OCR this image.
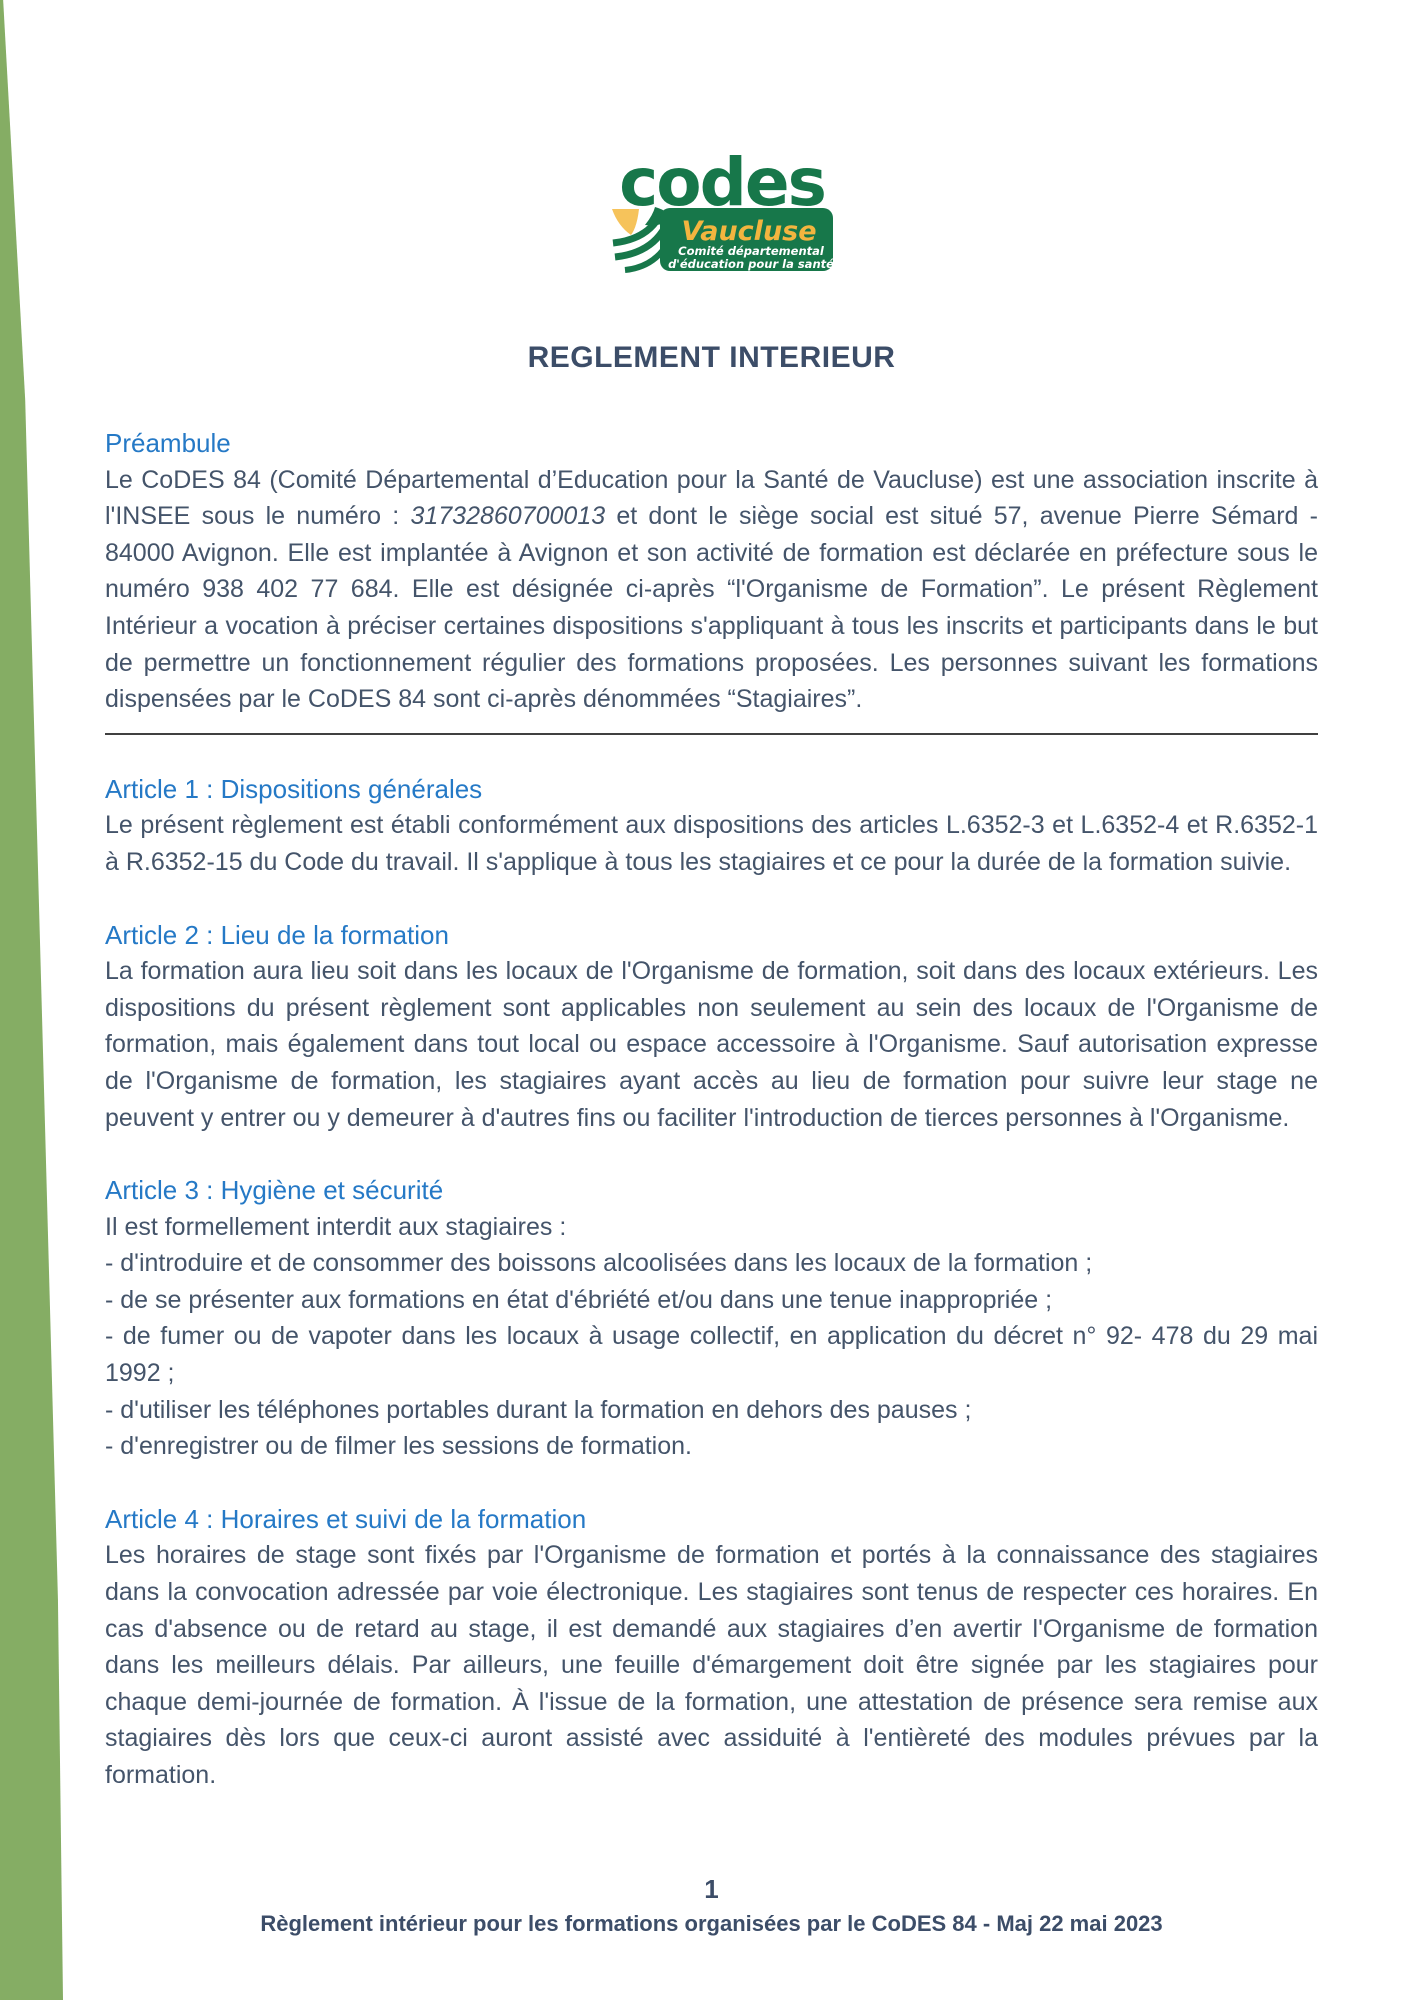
codes
Vaucluse
Comité départemental
d'éducation pour la santé
REGLEMENT INTERIEUR
Préambule

Le CoDES 84 (Comité Départemental d’Education pour la Santé de Vaucluse) est une association inscrite à l'INSEE sous le numéro : 31732860700013 et dont le siège social est situé 57, avenue Pierre Sémard - 84000 Avignon. Elle est implantée à Avignon et son activité de formation est déclarée en préfecture sous le numéro 938 402 77 684. Elle est désignée ci-après “l'Organisme de Formation”. Le présent Règlement Intérieur a vocation à préciser certaines dispositions s'appliquant à tous les inscrits et participants dans le but de permettre un fonctionnement régulier des formations proposées. Les personnes suivant les formations dispensées par le CoDES 84 sont ci-après dénommées “Stagiaires”.

Article 1 : Dispositions générales

Le présent règlement est établi conformément aux dispositions des articles L.6352-3 et L.6352-4 et R.6352-1 à R.6352-15 du Code du travail. Il s'applique à tous les stagiaires et ce pour la durée de la formation suivie.

Article 2 : Lieu de la formation

La formation aura lieu soit dans les locaux de l'Organisme de formation, soit dans des locaux extérieurs. Les dispositions du présent règlement sont applicables non seulement au sein des locaux de l'Organisme de formation, mais également dans tout local ou espace accessoire à l'Organisme. Sauf autorisation expresse de l'Organisme de formation, les stagiaires ayant accès au lieu de formation pour suivre leur stage ne peuvent y entrer ou y demeurer à d'autres fins ou faciliter l'introduction de tierces personnes à l'Organisme.

Article 3 : Hygiène et sécurité

Il est formellement interdit aux stagiaires :

- d'introduire et de consommer des boissons alcoolisées dans les locaux de la formation ;

- de se présenter aux formations en état d'ébriété et/ou dans une tenue inappropriée ;

- de fumer ou de vapoter dans les locaux à usage collectif, en application du décret n° 92- 478 du 29 mai 1992 ;

- d'utiliser les téléphones portables durant la formation en dehors des pauses ;

- d'enregistrer ou de filmer les sessions de formation.

Article 4 : Horaires et suivi de la formation

Les horaires de stage sont fixés par l'Organisme de formation et portés à la connaissance des stagiaires dans la convocation adressée par voie électronique. Les stagiaires sont tenus de respecter ces horaires. En cas d'absence ou de retard au stage, il est demandé aux stagiaires d’en avertir l'Organisme de formation dans les meilleurs délais. Par ailleurs, une feuille d'émargement doit être signée par les stagiaires pour chaque demi-journée de formation. À l'issue de la formation, une attestation de présence sera remise aux stagiaires dès lors que ceux-ci auront assisté avec assiduité à l'entièreté des modules prévues par la formation.

1
Règlement intérieur pour les formations organisées par le CoDES 84 - Maj 22 mai 2023
